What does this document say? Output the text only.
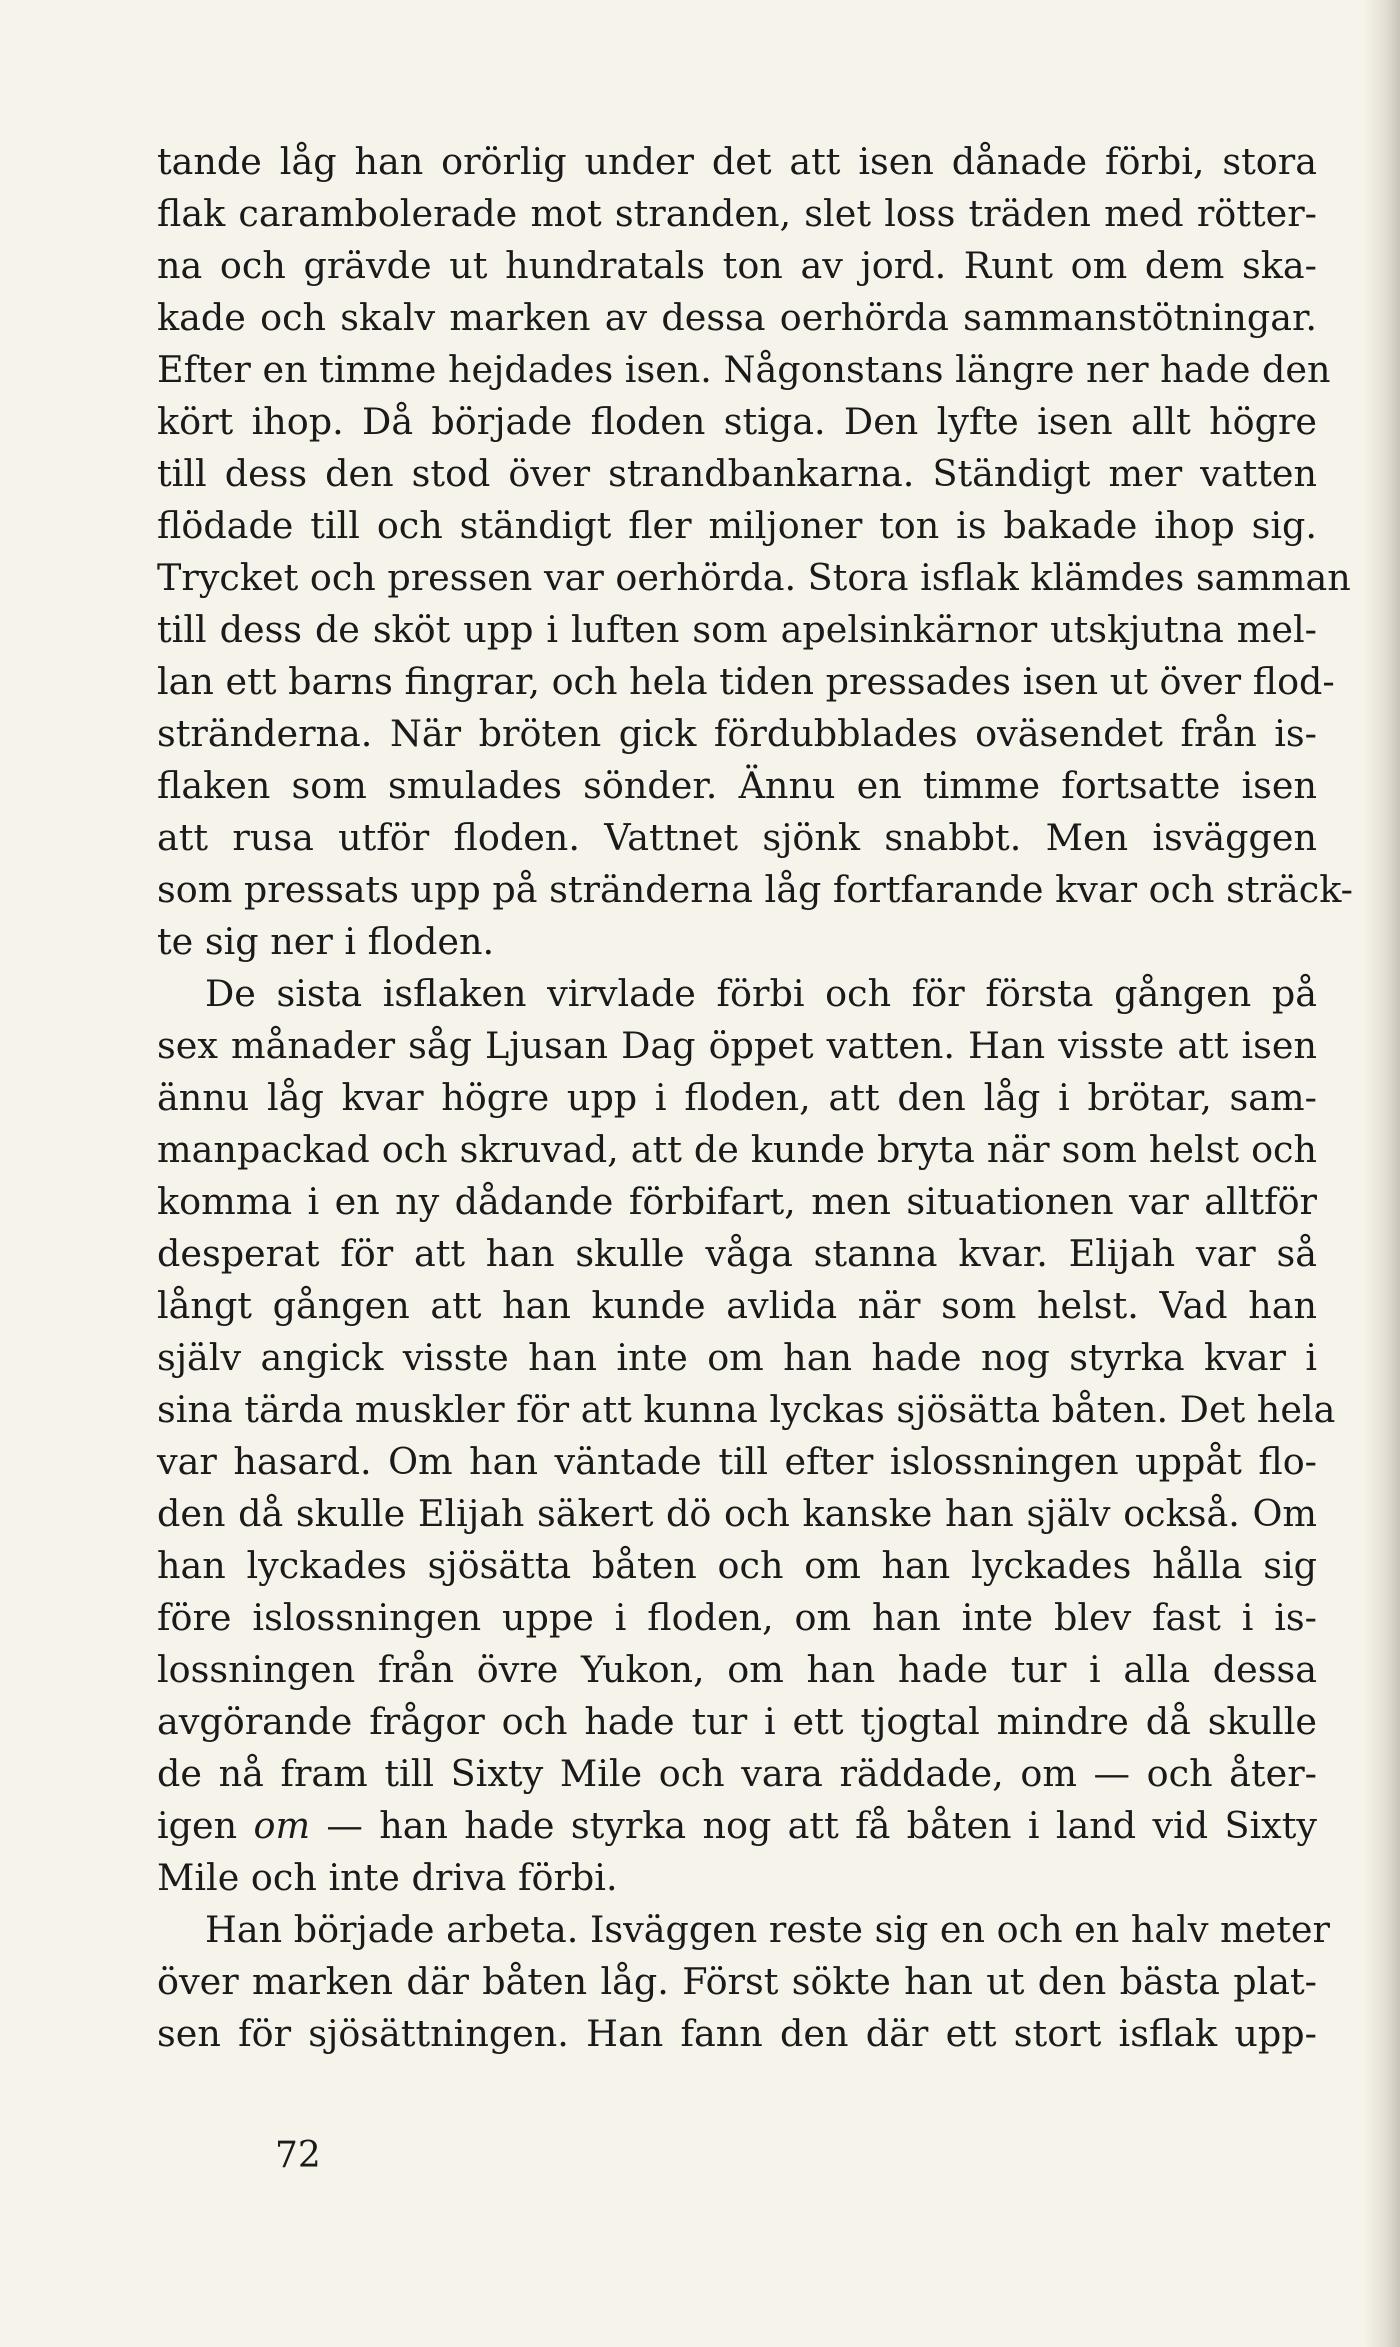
tande låg han orörlig under det att isen dånade förbi, stora
flak carambolerade mot stranden, slet loss träden med rötter-
na och grävde ut hundratals ton av jord. Runt om dem ska-
kade och skalv marken av dessa oerhörda sammanstötningar.
Efter en timme hejdades isen. Någonstans längre ner hade den
kört ihop. Då började floden stiga. Den lyfte isen allt högre
till dess den stod över strandbankarna. Ständigt mer vatten
flödade till och ständigt fler miljoner ton is bakade ihop sig.
Trycket och pressen var oerhörda. Stora isflak klämdes samman
till dess de sköt upp i luften som apelsinkärnor utskjutna mel-
lan ett barns fingrar, och hela tiden pressades isen ut över flod-
stränderna. När bröten gick fördubblades oväsendet från is-
flaken som smulades sönder. Ännu en timme fortsatte isen
att rusa utför floden. Vattnet sjönk snabbt. Men isväggen
som pressats upp på stränderna låg fortfarande kvar och sträck-
te sig ner i floden.
De sista isflaken virvlade förbi och för första gången på
sex månader såg Ljusan Dag öppet vatten. Han visste att isen
ännu låg kvar högre upp i floden, att den låg i brötar, sam-
manpackad och skruvad, att de kunde bryta när som helst och
komma i en ny dådande förbifart, men situationen var alltför
desperat för att han skulle våga stanna kvar. Elijah var så
långt gången att han kunde avlida när som helst. Vad han
själv angick visste han inte om han hade nog styrka kvar i
sina tärda muskler för att kunna lyckas sjösätta båten. Det hela
var hasard. Om han väntade till efter islossningen uppåt flo-
den då skulle Elijah säkert dö och kanske han själv också. Om
han lyckades sjösätta båten och om han lyckades hålla sig
före islossningen uppe i floden, om han inte blev fast i is-
lossningen från övre Yukon, om han hade tur i alla dessa
avgörande frågor och hade tur i ett tjogtal mindre då skulle
de nå fram till Sixty Mile och vara räddade, om — och åter-
igen om — han hade styrka nog att få båten i land vid Sixty
Mile och inte driva förbi.
Han började arbeta. Isväggen reste sig en och en halv meter
över marken där båten låg. Först sökte han ut den bästa plat-
sen för sjösättningen. Han fann den där ett stort isflak upp-
72
